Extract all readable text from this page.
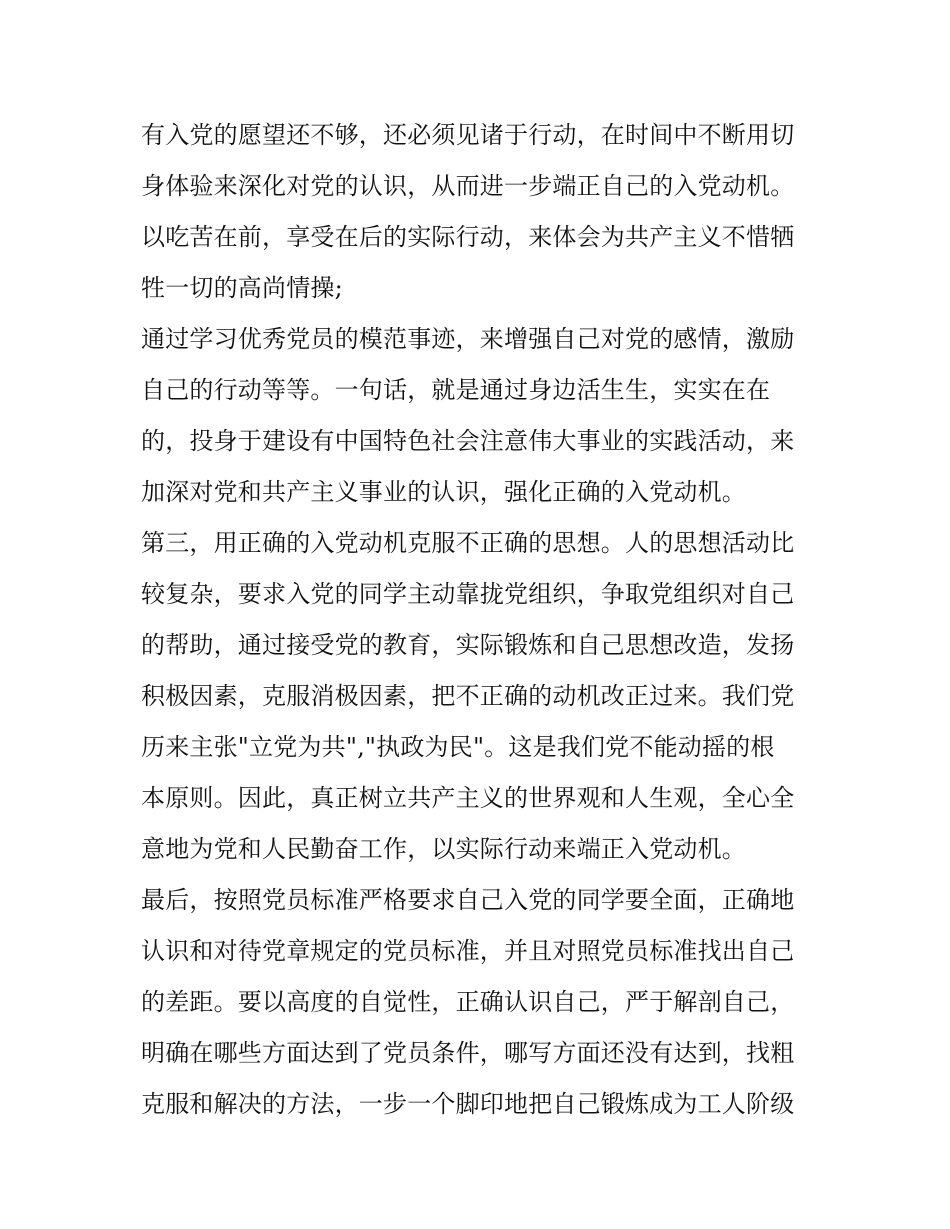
有入党的愿望还不够，还必须见诸于行动，在时间中不断用切
身体验来深化对党的认识，从而进一步端正自己的入党动机。
以吃苦在前，享受在后的实际行动，来体会为共产主义不惜牺
牲一切的高尚情操;
通过学习优秀党员的模范事迹，来增强自己对党的感情，激励
自己的行动等等。一句话，就是通过身边活生生，实实在在
的，投身于建设有中国特色社会注意伟大事业的实践活动，来
加深对党和共产主义事业的认识，强化正确的入党动机。
第三，用正确的入党动机克服不正确的思想。人的思想活动比
较复杂，要求入党的同学主动靠拢党组织，争取党组织对自己
的帮助，通过接受党的教育，实际锻炼和自己思想改造，发扬
积极因素，克服消极因素，把不正确的动机改正过来。我们党
历来主张"立党为共","执政为民"。这是我们党不能动摇的根
本原则。因此，真正树立共产主义的世界观和人生观，全心全
意地为党和人民勤奋工作，以实际行动来端正入党动机。
最后，按照党员标准严格要求自己入党的同学要全面，正确地
认识和对待党章规定的党员标准，并且对照党员标准找出自己
的差距。要以高度的自觉性，正确认识自己，严于解剖自己，
明确在哪些方面达到了党员条件，哪写方面还没有达到，找粗
克服和解决的方法，一步一个脚印地把自己锻炼成为工人阶级
